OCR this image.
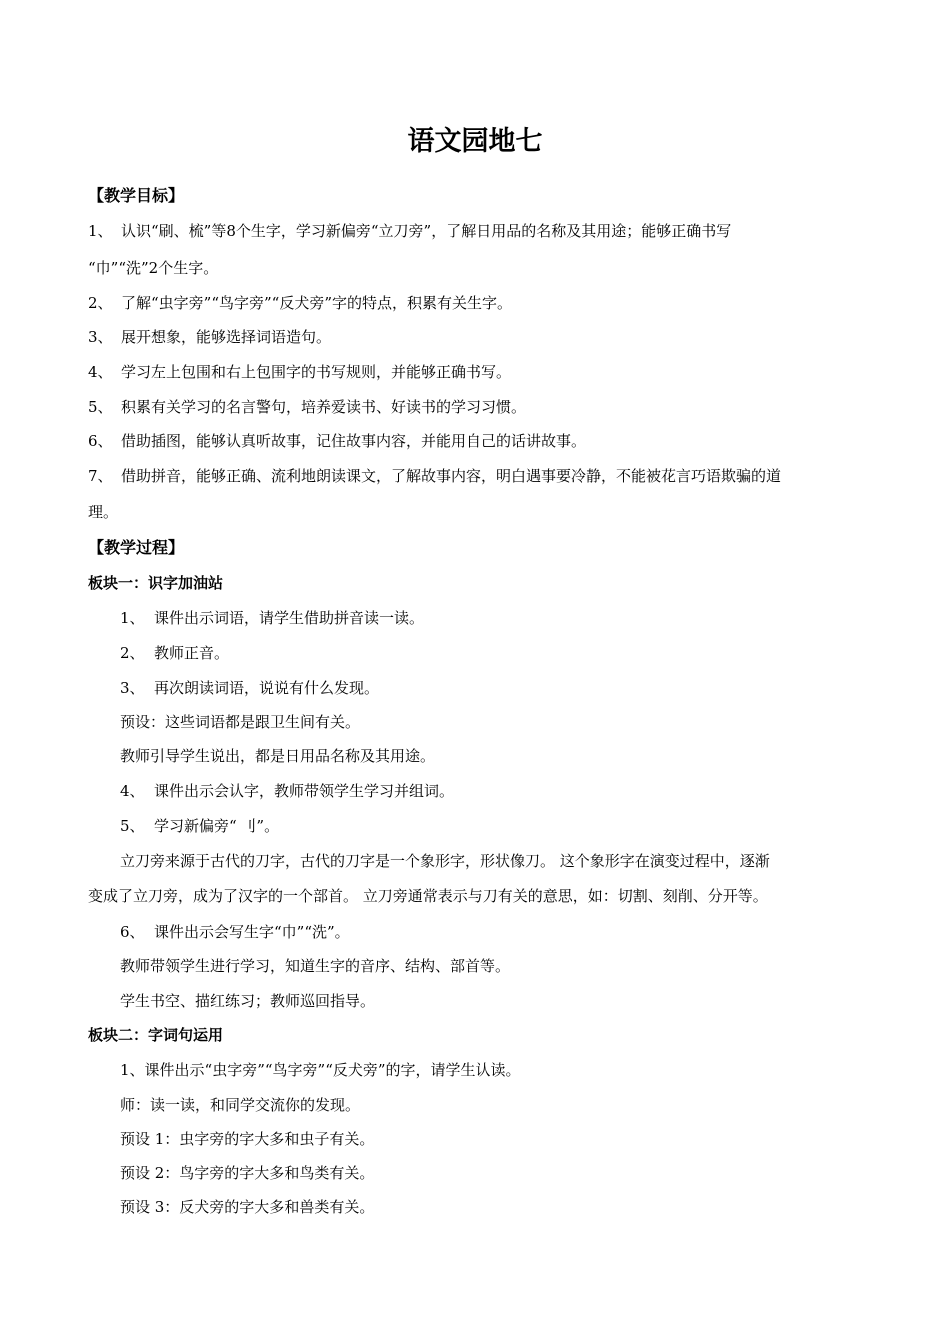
语文园地七
【教学目标】
1、 认识“刷、梳”等8个生字，学习新偏旁“立刀旁”，了解日用品的名称及其用途；能够正确书写
“巾”“洗”2个生字。
2、 了解“虫字旁”“鸟字旁”“反犬旁”字的特点，积累有关生字。
3、 展开想象，能够选择词语造句。
4、 学习左上包围和右上包围字的书写规则，并能够正确书写。
5、 积累有关学习的名言警句，培养爱读书、好读书的学习习惯。
6、 借助插图，能够认真听故事，记住故事内容，并能用自己的话讲故事。
7、 借助拼音，能够正确、流利地朗读课文，了解故事内容，明白遇事要冷静，不能被花言巧语欺骗的道
理。
【教学过程】
板块一：识字加油站
1、 课件出示词语，请学生借助拼音读一读。
2、 教师正音。
3、 再次朗读词语，说说有什么发现。
预设：这些词语都是跟卫生间有关。
教师引导学生说出，都是日用品名称及其用途。
4、 课件出示会认字，教师带领学生学习并组词。
5、 学习新偏旁“ 刂”。
立刀旁来源于古代的刀字，古代的刀字是一个象形字，形状像刀。 这个象形字在演变过程中，逐渐
变成了立刀旁，成为了汉字的一个部首。 立刀旁通常表示与刀有关的意思，如：切割、刻削、分开等。
6、 课件出示会写生字“巾”“洗”。
教师带领学生进行学习，知道生字的音序、结构、部首等。
学生书空、描红练习；教师巡回指导。
板块二：字词句运用
1、课件出示“虫字旁”“鸟字旁”“反犬旁”的字，请学生认读。
师：读一读，和同学交流你的发现。
预设 1：虫字旁的字大多和虫子有关。
预设 2：鸟字旁的字大多和鸟类有关。
预设 3：反犬旁的字大多和兽类有关。
